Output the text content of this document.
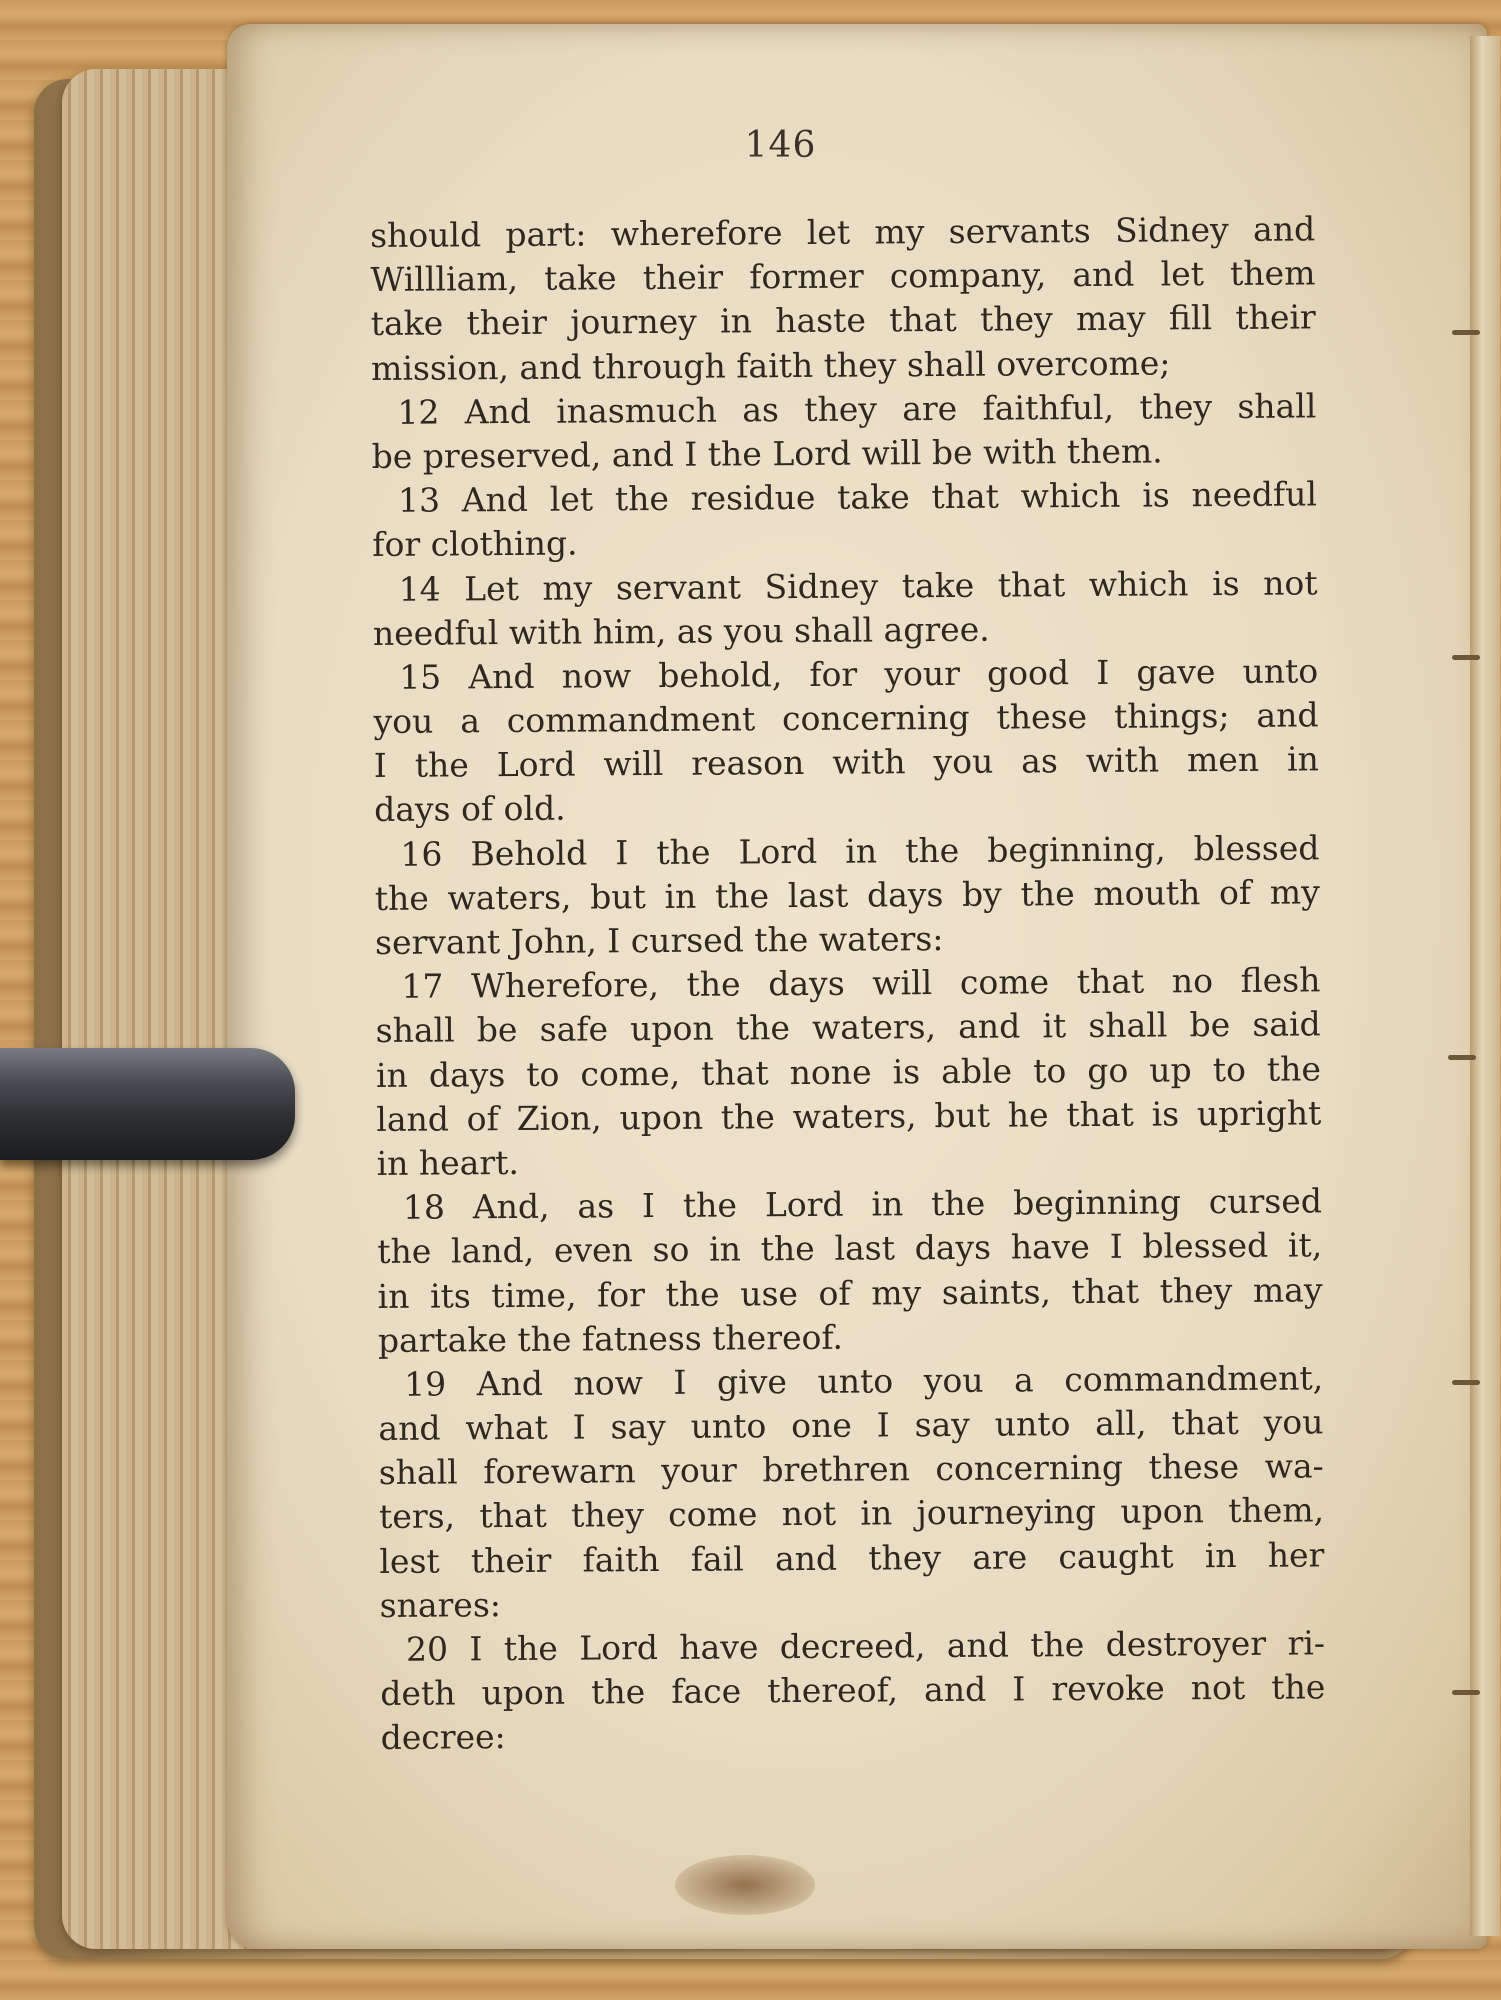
146
should part: wherefore let my servants Sidney and
Willliam, take their former company, and let them
take their journey in haste that they may fill their
mission, and through faith they shall overcome;
12 And inasmuch as they are faithful, they shall
be preserved, and I the Lord will be with them.
13 And let the residue take that which is needful
for clothing.
14 Let my servant Sidney take that which is not
needful with him, as you shall agree.
15 And now behold, for your good I gave unto
you a commandment concerning these things; and
I the Lord will reason with you as with men in
days of old.
16 Behold I the Lord in the beginning, blessed
the waters, but in the last days by the mouth of my
servant John, I cursed the waters:
17 Wherefore, the days will come that no flesh
shall be safe upon the waters, and it shall be said
in days to come, that none is able to go up to the
land of Zion, upon the waters, but he that is upright
in heart.
18 And, as I the Lord in the beginning cursed
the land, even so in the last days have I blessed it,
in its time, for the use of my saints, that they may
partake the fatness thereof.
19 And now I give unto you a commandment,
and what I say unto one I say unto all, that you
shall forewarn your brethren concerning these wa-
ters, that they come not in journeying upon them,
lest their faith fail and they are caught in her
snares:
20 I the Lord have decreed, and the destroyer ri-
deth upon the face thereof, and I revoke not the
decree:
